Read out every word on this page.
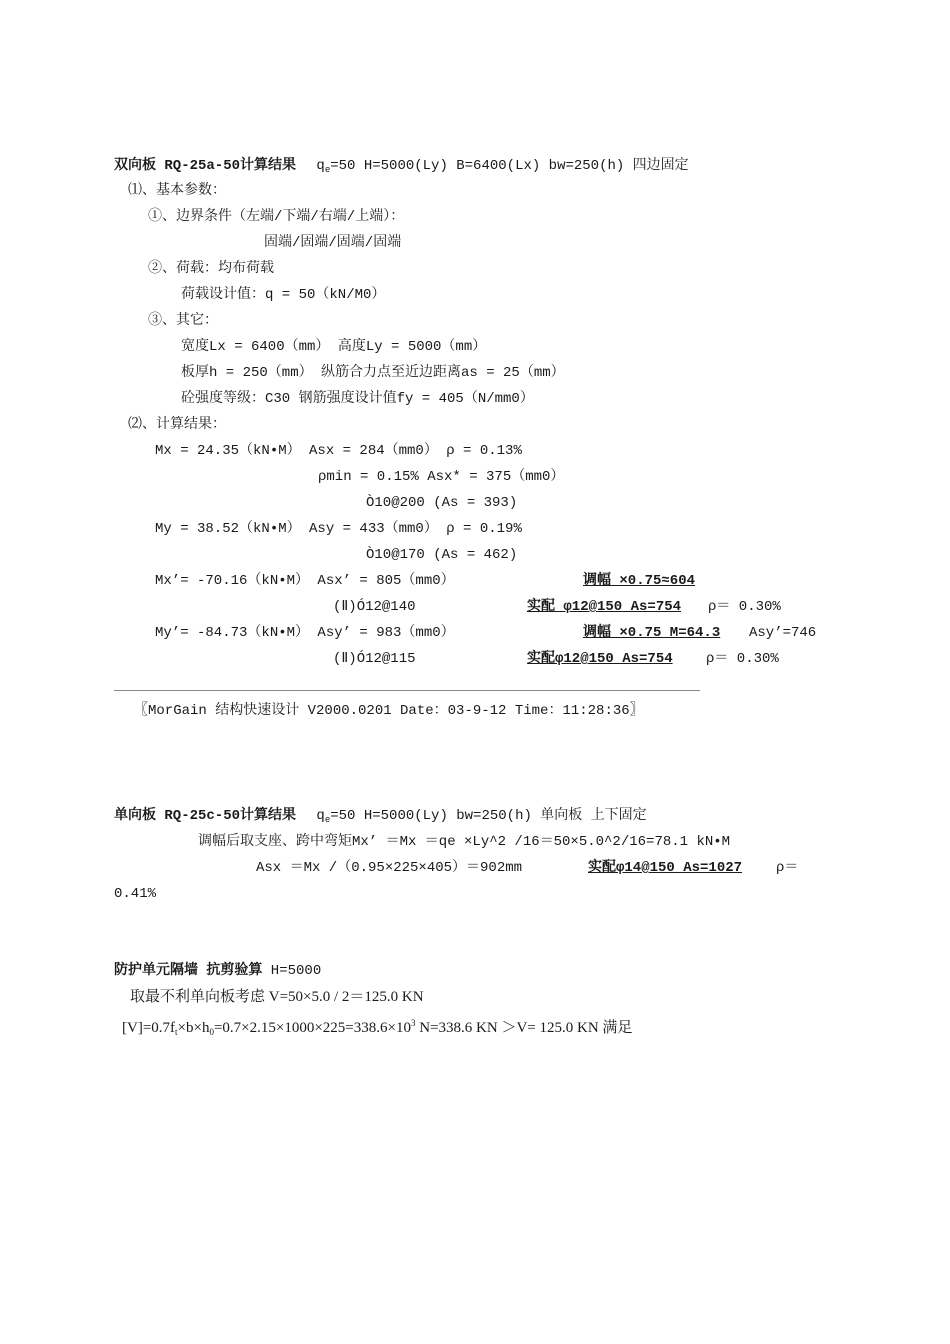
双向板 RQ-25a-50计算结果 $q_e=50$ H=5000(Ly) B=6400(Lx) bw=250(h) 四边固定
⑴、基本参数：
①、边界条件（左端/下端/右端/上端）：
固端/固端/固端/固端
②、荷载：均布荷载
荷载设计值：q = 50（kN/M0）
③、其它：
宽度Lx = 6400（mm） 高度Ly = 5000（mm）
板厚h = 250（mm） 纵筋合力点至近边距离as = 25（mm）
砼强度等级：C30 钢筋强度设计值fy = 405（N/mm0）
⑵、计算结果：
Mx = 24.35（kN•M） Asx = 284（mm0） ρ = 0.13%
ρmin = 0.15% Asx* = 375（mm0）
Ò10@200 (As = 393)
My = 38.52（kN•M） Asy = 433（mm0） ρ = 0.19%
Ò10@170 (As = 462)
Mx’= -70.16（kN•M） Asx’ = 805（mm0）	调幅 ×0.75≈604
(Ⅱ)Ó12@140	实配 φ12@150 As=754 ρ＝ 0.30%
My’= -84.73（kN•M） Asy’ = 983（mm0）	调幅 ×0.75 M=64.3 Asy’=746
(Ⅱ)Ó12@115	实配φ12@150 As=754 ρ＝ 0.30%
〖MorGain 结构快速设计 V2000.0201 Date：03-9-12 Time：11:28:36〗
单向板 RQ-25c-50计算结果 $q_e=50$ H=5000(Ly) bw=250(h) 单向板 上下固定
调幅后取支座、跨中弯矩Mx’ ＝Mx ＝qe ×Ly^2 /16＝50×5.0^2/16=78.1 kN•M
Asx ＝Mx /（0.95×225×405）＝902mm	实配φ14@150 As=1027 ρ＝
0.41%
防护单元隔墙 抗剪验算 H=5000
取最不利单向板考虑 V=50×5.0 / 2＝125.0 KN
$[V]=0.7f_t\times b\times h_0=0.7\times 2.15\times 1000\times 225=338.6\times 10^3$ N=338.6 KN ＞V= 125.0 KN 满足
